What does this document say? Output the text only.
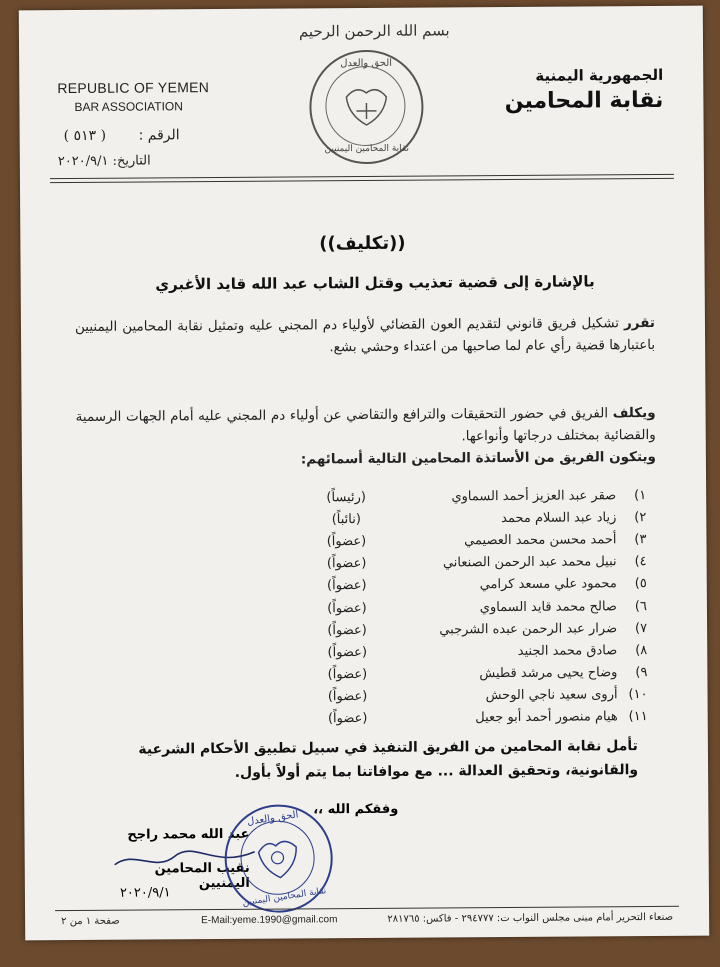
بسم الله الرحمن الرحيم
REPUBLIC OF YEMEN
BAR ASSOCIATION
الجمهورية اليمنية
نقابة المحامين
الحق والعدل
نقابة المحامين اليمنيين
الرقم :
( ٥١٣ )
التاريخ: ٢٠٢٠/٩/١
((تكليف))
بالإشارة إلى قضية تعذيب وقتل الشاب عبد الله قايد الأغبري
تقرر تشكيل فريق قانوني لتقديم العون القضائي لأولياء دم المجني عليه وتمثيل نقابة المحامين اليمنيين باعتبارها قضية رأي عام لما صاحبها من اعتداء وحشي بشع.
ويكلف الفريق في حضور التحقيقات والترافع والتقاضي عن أولياء دم المجني عليه أمام الجهات الرسمية والقضائية بمختلف درجاتها وأنواعها.
ويتكون الفريق من الأساتذة المحامين التالية أسمائهم:
١)
صقر عبد العزيز أحمد السماوي
(رئيساً)
٢)
زياد عبد السلام محمد
(نائباً)
٣)
أحمد محسن محمد العصيمي
(عضواً)
٤)
نبيل محمد عبد الرحمن الصنعاني
(عضواً)
٥)
محمود علي مسعد كرامي
(عضواً)
٦)
صالح محمد قايد السماوي
(عضواً)
٧)
ضرار عبد الرحمن عبده الشرجبي
(عضواً)
٨)
صادق محمد الجنيد
(عضواً)
٩)
وضاح يحيى مرشد قطيش
(عضواً)
١٠)
أروى سعيد ناجي الوحش
(عضواً)
١١)
هيام منصور أحمد أبو جعيل
(عضواً)
تأمل نقابة المحامين من الفريق التنفيذ في سبيل تطبيق الأحكام الشرعية والقانونية، وتحقيق العدالة ... مع موافاتنا بما يتم أولاً بأول.
وفقكم الله ،،
عبد الله محمد راجح
نقيب المحامين اليمنيين
٢٠٢٠/٩/١
الحق والعدل
نقابة المحامين اليمنيين
صنعاء التحرير أمام مبنى مجلس النواب ت: ٢٩٤٧٧٧ - فاكس: ٢٨١٧٦٥
E-Mail:yeme.1990@gmail.com
صفحة ١ من ٢
